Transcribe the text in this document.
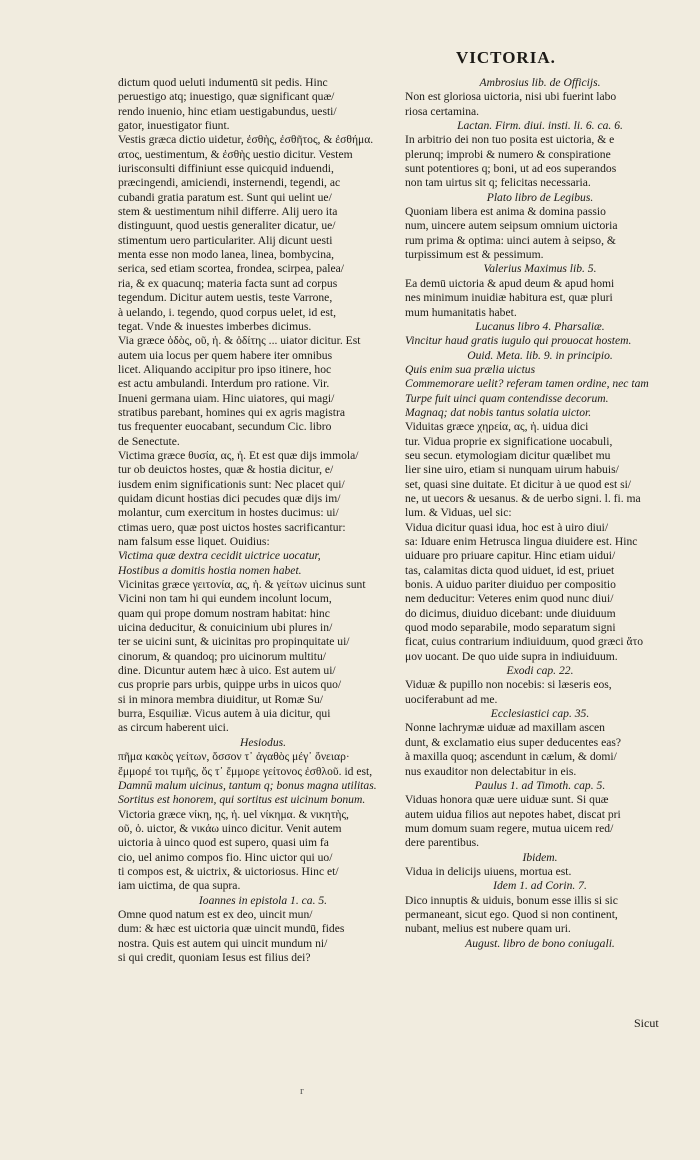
VICTORIA.
dictum quod ueluti indumentū sit pedis. Hinc
peruestigo atq; inuestigo, quæ significant quæ/
rendo inuenio, hinc etiam uestigabundus, uesti/
gator, inuestigator fiunt.
Vestis græca dictio uidetur, ἐσθὴς, ἐσθῆτος, & ἐσθήμα.
ατος, uestimentum, & ἐσθὴς uestio dicitur. Vestem
iurisconsulti diffiniunt esse quicquid induendi,
præcingendi, amiciendi, insternendi, tegendi, ac
cubandi gratia paratum est. Sunt qui uelint ue/
stem & uestimentum nihil differre. Alij uero ita
distinguunt, quod uestis generaliter dicatur, ue/
stimentum uero particulariter. Alij dicunt uesti
menta esse non modo lanea, linea, bombycina,
serica, sed etiam scortea, frondea, scirpea, palea/
ria, & ex quacunq; materia facta sunt ad corpus
tegendum. Dicitur autem uestis, teste Varrone,
à uelando, i. tegendo, quod corpus uelet, id est,
tegat. Vnde & inuestes imberbes dicimus.
Via græce ὁδὸς, οῦ, ἡ. & ὁδίτης ... uiator dicitur. Est
autem uia locus per quem habere iter omnibus
licet. Aliquando accipitur pro ipso itinere, hoc
est actu ambulandi. Interdum pro ratione. Vir.
Inueni germana uiam. Hinc uiatores, qui magi/
stratibus parebant, homines qui ex agris magistra
tus frequenter euocabant, secundum Cic. libro
de Senectute.
Victima græce θυσία, ας, ἡ. Et est quæ dijs immola/
tur ob deuictos hostes, quæ & hostia dicitur, e/
iusdem enim significationis sunt: Nec placet qui/
quidam dicunt hostias dici pecudes quæ dijs im/
molantur, cum exercitum in hostes ducimus: ui/
ctimas uero, quæ post uictos hostes sacrificantur:
nam falsum esse liquet. Ouidius:
Victima quæ dextra cecidit uictrice uocatur,
Hostibus a domitis hostia nomen habet.
Vicinitas græce γειτονία, ας, ἡ. & γείτων uicinus sunt
Vicini non tam hi qui eundem incolunt locum,
quam qui prope domum nostram habitat: hinc
uicina deducitur, & conuicinium ubi plures in/
ter se uicini sunt, & uicinitas pro propinquitate ui/
cinorum, & quandoq; pro uicinorum multitu/
dine. Dicuntur autem hæc à uico. Est autem ui/
cus proprie pars urbis, quippe urbs in uicos quo/
si in minora membra diuiditur, ut Romæ Su/
burra, Esquiliæ. Vicus autem à uia dicitur, qui
as circum haberent uici.
Hesiodus.
πῆμα κακὸς γείτων, ὅσσον τ᾽ ἀγαθὸς μέγ᾽ ὄνειαρ·
ἔμμορέ τοι τιμῆς, ὅς τ᾽ ἔμμορε γείτονος ἐσθλοῦ. id est,
Damnū malum uicinus, tantum q; bonus magna utilitas.
Sortitus est honorem, qui sortitus est uicinum bonum.
Victoria græce νίκη, ης, ἡ. uel νίκημα. & νικητὴς,
οῦ, ὁ. uictor, & νικάω uinco dicitur. Venit autem
uictoria à uinco quod est supero, quasi uim fa
cio, uel animo compos fio. Hinc uictor qui uo/
ti compos est, & uictrix, & uictoriosus. Hinc et/
iam uictima, de qua supra.
Ioannes in epistola 1. ca. 5.
Omne quod natum est ex deo, uincit mun/
dum: & hæc est uictoria quæ uincit mundū, fides
nostra. Quis est autem qui uincit mundum ni/
si qui credit, quoniam Iesus est filius dei?
Ambrosius lib. de Officijs.
Non est gloriosa uictoria, nisi ubi fuerint labo
riosa certamina.
Lactan. Firm. diui. insti. li. 6. ca. 6.
In arbitrio dei non tuo posita est uictoria, & e
plerunq; improbi & numero & conspiratione
sunt potentiores q; boni, ut ad eos superandos
non tam uirtus sit q; felicitas necessaria.
Plato libro de Legibus.
Quoniam libera est anima & domina passio
num, uincere autem seipsum omnium uictoria
rum prima & optima: uinci autem à seipso, &
turpissimum est & pessimum.
Valerius Maximus lib. 5.
Ea demū uictoria & apud deum & apud homi
nes minimum inuidiæ habitura est, quæ pluri
mum humanitatis habet.
Lucanus libro 4. Pharsaliæ.
Vincitur haud gratis iugulo qui prouocat hostem.
Ouid. Meta. lib. 9. in principio.
Quis enim sua prælia uictus
Commemorare uelit? referam tamen ordine, nec tam
Turpe fuit uinci quam contendisse decorum.
Magnaq; dat nobis tantus solatia uictor.
Viduitas græce χηρεία, ας, ἡ. uidua dici
tur. Vidua proprie ex significatione uocabuli,
seu secun. etymologiam dicitur quælibet mu
lier sine uiro, etiam si nunquam uirum habuis/
set, quasi sine duitate. Et dicitur à ue quod est si/
ne, ut uecors & uesanus. & de uerbo signi. l. fi. ma
lum. & Viduas, uel sic:
Vidua dicitur quasi idua, hoc est à uiro diui/
sa: Iduare enim Hetrusca lingua diuidere est. Hinc
uiduare pro priuare capitur. Hinc etiam uidui/
tas, calamitas dicta quod uiduet, id est, priuet
bonis. A uiduo pariter diuiduo per compositio
nem deducitur: Veteres enim quod nunc diui/
do dicimus, diuiduo dicebant: unde diuiduum
quod modo separabile, modo separatum signi
ficat, cuius contrarium indiuiduum, quod græci ἄτο
μον uocant. De quo uide supra in indiuiduum.
Exodi cap. 22.
Viduæ & pupillo non nocebis: si læseris eos,
uociferabunt ad me.
Ecclesiastici cap. 35.
Nonne lachrymæ uiduæ ad maxillam ascen
dunt, & exclamatio eius super deducentes eas?
à maxilla quoq; ascendunt in cælum, & domi/
nus exauditor non delectabitur in eis.
Paulus 1. ad Timoth. cap. 5.
Viduas honora quæ uere uiduæ sunt. Si quæ
autem uidua filios aut nepotes habet, discat pri
mum domum suam regere, mutua uicem red/
dere parentibus.
Ibidem.
Vidua in delicijs uiuens, mortua est.
Idem 1. ad Corin. 7.
Dico innuptis & uiduis, bonum esse illis si sic
permaneant, sicut ego. Quod si non continent,
nubant, melius est nubere quam uri.
August. libro de bono coniugali.
Sicut
r
